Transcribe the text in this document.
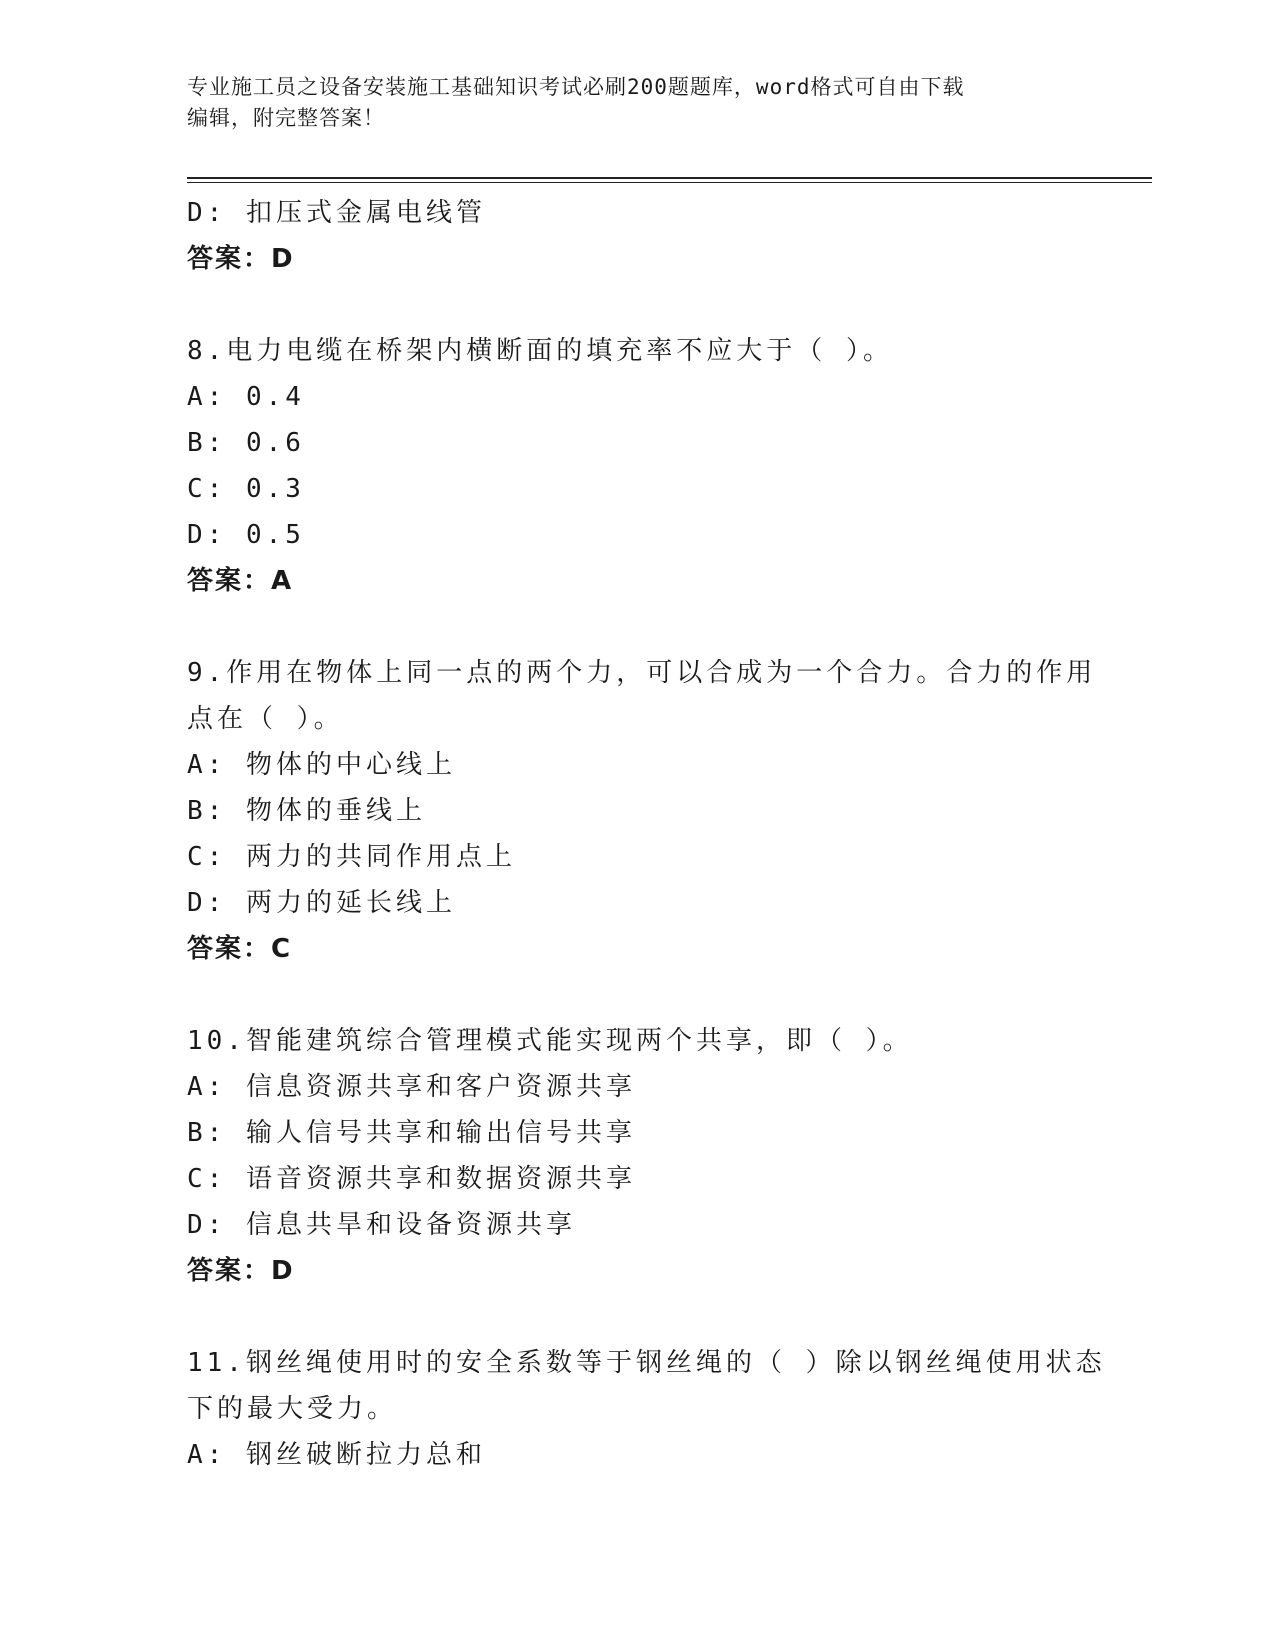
专业施工员之设备安装施工基础知识考试必刷200题题库，word格式可自由下载
编辑，附完整答案！
D: 扣压式金属电线管
答案：D
8.电力电缆在桥架内横断面的填充率不应大于（ ）。
A: 0.4
B: 0.6
C: 0.3
D: 0.5
答案：A
9.作用在物体上同一点的两个力，可以合成为一个合力。合力的作用
点在（ ）。
A: 物体的中心线上
B: 物体的垂线上
C: 两力的共同作用点上
D: 两力的延长线上
答案：C
10.智能建筑综合管理模式能实现两个共享，即（ ）。
A: 信息资源共享和客户资源共享
B: 输人信号共享和输出信号共享
C: 语音资源共享和数据资源共享
D: 信息共旱和设备资源共享
答案：D
11.钢丝绳使用时的安全系数等于钢丝绳的（ ）除以钢丝绳使用状态
下的最大受力。
A: 钢丝破断拉力总和
